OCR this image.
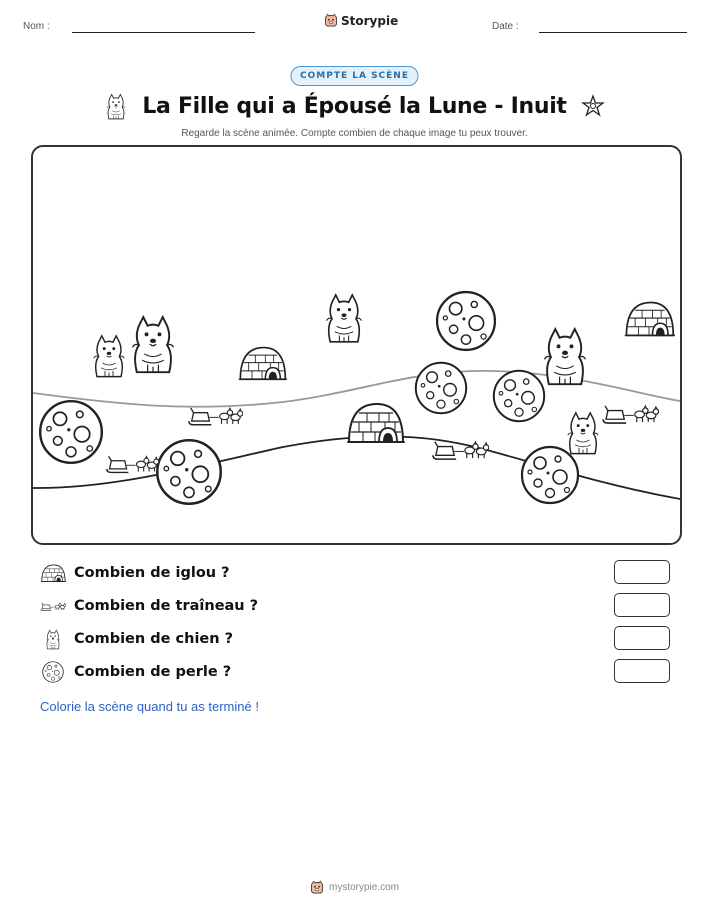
Nom :	Storypie	Date :
COMPTE LA SCÈNE
La Fille qui a Épousé la Lune - Inuit
Regarde la scène animée. Compte combien de chaque image tu peux trouver.
Combien de iglou ?
Combien de traîneau ?
Combien de chien ?
Combien de perle ?
Colorie la scène quand tu as terminé !
mystorypie.com
